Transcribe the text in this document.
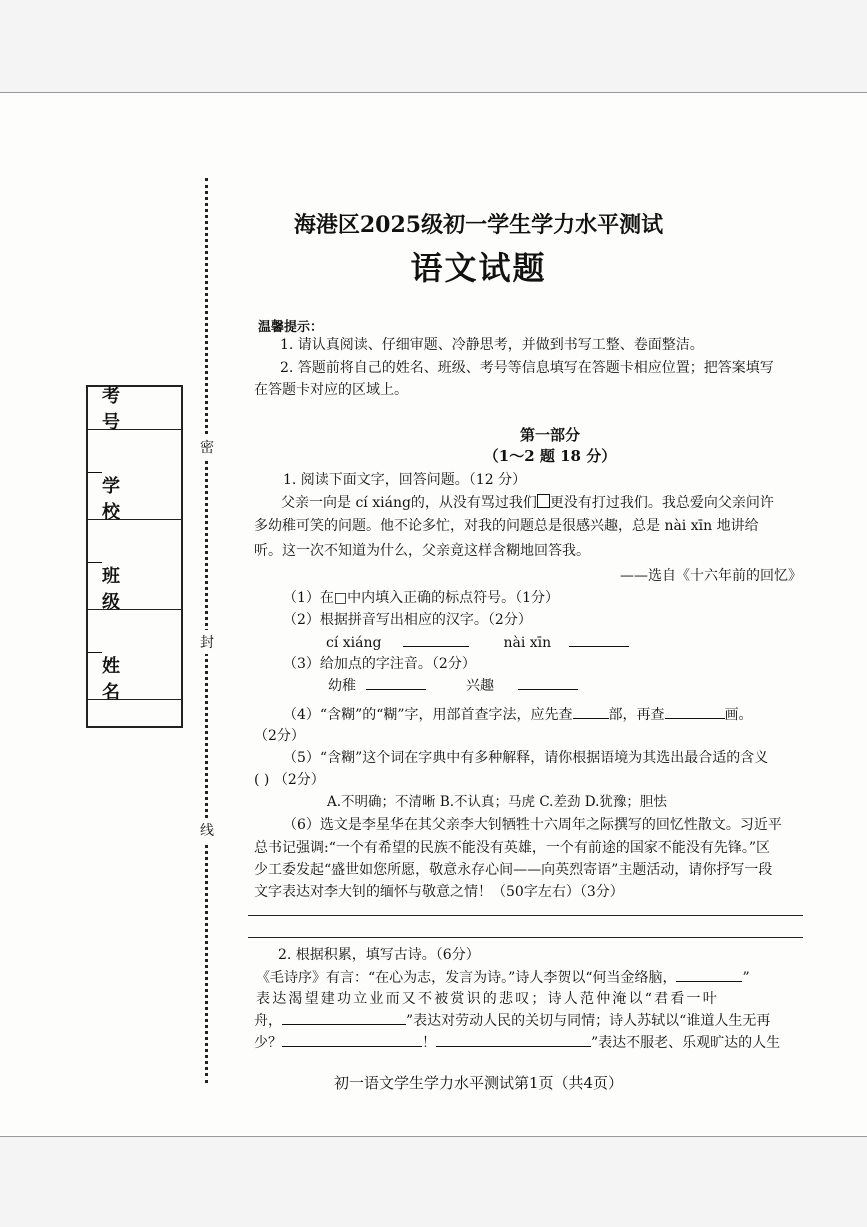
密
封
线
考 号
学 校
班 级
姓 名
海港区2025级初一学生学力水平测试
语文试题
温馨提示：
1. 请认真阅读、仔细审题、冷静思考，并做到书写工整、卷面整洁。
2. 答题前将自己的姓名、班级、考号等信息填写在答题卡相应位置；把答案填写
在答题卡对应的区域上。
第一部分
（1～2 题 18 分）
1. 阅读下面文字，回答问题。（12 分）
父亲一向是 cí xiáng的，从没有骂过我们 更没有打过我们。我总爱向父亲问许
多幼稚可笑的问题。他不论多忙，对我的问题总是很感兴趣，总是 nài xīn 地讲给
听。这一次不知道为什么，父亲竟这样含糊地回答我。
——选自《十六年前的回忆》
（1）在□中内填入正确的标点符号。（1分）
（2）根据拼音写出相应的汉字。（2分）
cí xiáng	nài xīn
（3）给加点的字注音。（2分）
幼稚	兴趣
（4）“含糊”的“糊”字，用部首查字法，应先查	部，再查	画。
（2分）
（5）“含糊”这个词在字典中有多种解释，请你根据语境为其选出最合适的含义
( ) （2分）
A.不明确；不清晰 B.不认真；马虎 C.差劲 D.犹豫；胆怯
（6）选文是李星华在其父亲李大钊牺牲十六周年之际撰写的回忆性散文。习近平
总书记强调:“一个有希望的民族不能没有英雄，一个有前途的国家不能没有先锋。”区
少工委发起“盛世如您所愿，敬意永存心间——向英烈寄语”主题活动，请你抒写一段
文字表达对李大钊的缅怀与敬意之情！（50字左右）（3分）
2. 根据积累，填写古诗。（6分）
《毛诗序》有言：“在心为志，发言为诗。”诗人李贺以“何当金络脑，	”
表达渴望建功立业而又不被赏识的悲叹；诗人范仲淹以“君看一叶
舟，	”表达对劳动人民的关切与同情；诗人苏轼以“谁道人生无再
少？	！	”表达不服老、乐观旷达的人生
初一语文学生学力水平测试第1页（共4页）
